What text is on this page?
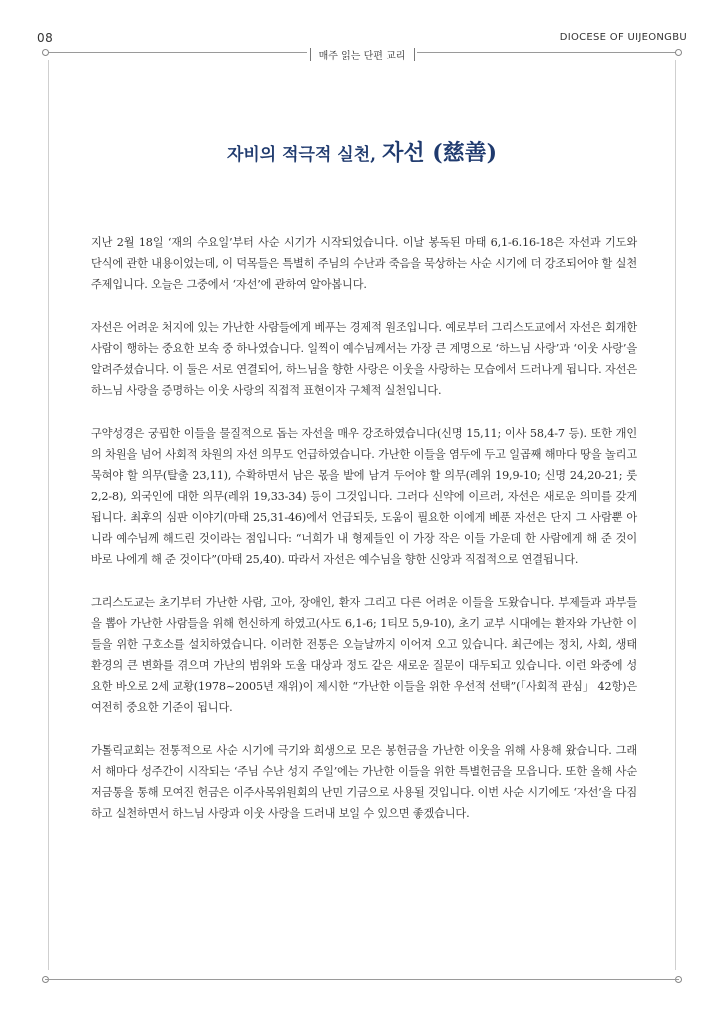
08	DIOCESE OF UIJEONGBU
매주 읽는 단편 교리
자비의 적극적 실천, 자선 (慈善)

지난 2월 18일 ‘재의 수요일’부터 사순 시기가 시작되었습니다. 이날 봉독된 마태 6,1-6.16-18은 자선과 기도와 단식에 관한 내용이었는데, 이 덕목들은 특별히 주님의 수난과 죽음을 묵상하는 사순 시기에 더 강조되어야 할 실천 주제입니다. 오늘은 그중에서 ‘자선’에 관하여 알아봅니다.

자선은 어려운 처지에 있는 가난한 사람들에게 베푸는 경제적 원조입니다. 예로부터 그리스도교에서 자선은 회개한 사람이 행하는 중요한 보속 중 하나였습니다. 일찍이 예수님께서는 가장 큰 계명으로 ‘하느님 사랑’과 ‘이웃 사랑’을 알려주셨습니다. 이 둘은 서로 연결되어, 하느님을 향한 사랑은 이웃을 사랑하는 모습에서 드러나게 됩니다. 자선은 하느님 사랑을 증명하는 이웃 사랑의 직접적 표현이자 구체적 실천입니다.

구약성경은 궁핍한 이들을 물질적으로 돕는 자선을 매우 강조하였습니다(신명 15,11; 이사 58,4-7 등). 또한 개인의 차원을 넘어 사회적 차원의 자선 의무도 언급하였습니다. 가난한 이들을 염두에 두고 일곱째 해마다 땅을 놀리고 묵혀야 할 의무(탈출 23,11), 수확하면서 남은 몫을 밭에 남겨 두어야 할 의무(레위 19,9-10; 신명 24,20-21; 룻 2,2-8), 외국인에 대한 의무(레위 19,33-34) 등이 그것입니다. 그러다 신약에 이르러, 자선은 새로운 의미를 갖게 됩니다. 최후의 심판 이야기(마태 25,31-46)에서 언급되듯, 도움이 필요한 이에게 베푼 자선은 단지 그 사람뿐 아니라 예수님께 해드린 것이라는 점입니다: “너희가 내 형제들인 이 가장 작은 이들 가운데 한 사람에게 해 준 것이 바로 나에게 해 준 것이다”(마태 25,40). 따라서 자선은 예수님을 향한 신앙과 직접적으로 연결됩니다.

그리스도교는 초기부터 가난한 사람, 고아, 장애인, 환자 그리고 다른 어려운 이들을 도왔습니다. 부제들과 과부들을 뽑아 가난한 사람들을 위해 헌신하게 하였고(사도 6,1-6; 1티모 5,9-10), 초기 교부 시대에는 환자와 가난한 이들을 위한 구호소를 설치하였습니다. 이러한 전통은 오늘날까지 이어져 오고 있습니다. 최근에는 정치, 사회, 생태환경의 큰 변화를 겪으며 가난의 범위와 도울 대상과 정도 같은 새로운 질문이 대두되고 있습니다. 이런 와중에 성 요한 바오로 2세 교황(1978~2005년 재위)이 제시한 “가난한 이들을 위한 우선적 선택”(「사회적 관심」 42항)은 여전히 중요한 기준이 됩니다.

가톨릭교회는 전통적으로 사순 시기에 극기와 희생으로 모은 봉헌금을 가난한 이웃을 위해 사용해 왔습니다. 그래서 해마다 성주간이 시작되는 ‘주님 수난 성지 주일’에는 가난한 이들을 위한 특별헌금을 모읍니다. 또한 올해 사순 저금통을 통해 모여진 헌금은 이주사목위원회의 난민 기금으로 사용될 것입니다. 이번 사순 시기에도 ‘자선’을 다짐하고 실천하면서 하느님 사랑과 이웃 사랑을 드러내 보일 수 있으면 좋겠습니다.
